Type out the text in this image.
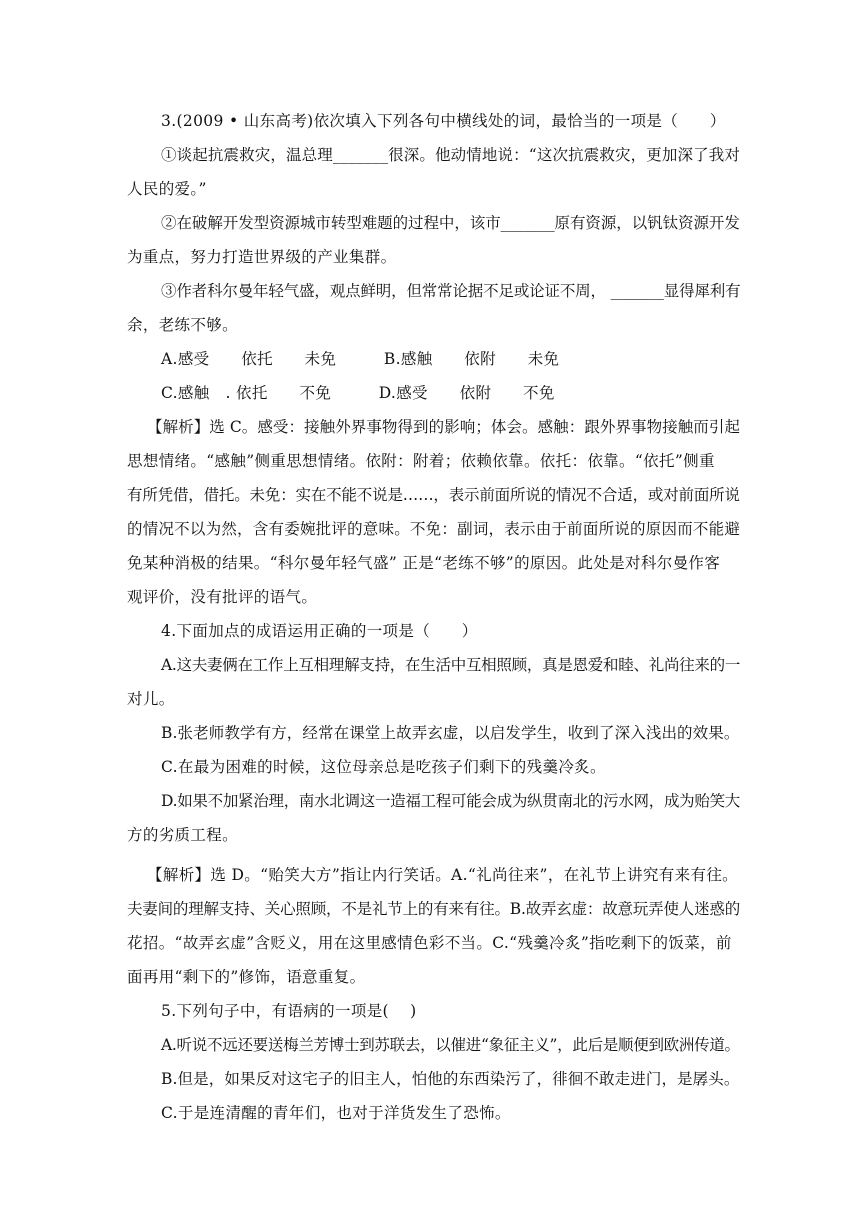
3.(2009 • 山东高考)依次填入下列各句中横线处的词，最恰当的一项是（　　）
①谈起抗震救灾，温总理_______很深。他动情地说：“这次抗震救灾，更加深了我对
人民的爱。”
②在破解开发型资源城市转型难题的过程中，该市_______原有资源，以钒钛资源开发
为重点，努力打造世界级的产业集群。
③作者科尔曼年轻气盛，观点鲜明，但常常论据不足或论证不周， _______显得犀利有
余，老练不够。
A.感受　　依托　　未免　　　B.感触　　依附　　未免
C.感触　. 依托　　不免　　　D.感受　　依附　　不免
【解析】选 C。感受：接触外界事物得到的影响；体会。感触：跟外界事物接触而引起
思想情绪。“感触”侧重思想情绪。依附：附着；依赖依靠。依托：依靠。“依托”侧重
有所凭借，借托。未免：实在不能不说是……，表示前面所说的情况不合适，或对前面所说
的情况不以为然，含有委婉批评的意味。不免：副词，表示由于前面所说的原因而不能避
免某种消极的结果。“科尔曼年轻气盛” 正是“老练不够”的原因。此处是对科尔曼作客
观评价，没有批评的语气。
4.下面加点的成语运用正确的一项是（　　）
A.这夫妻俩在工作上互相理解支持，在生活中互相照顾，真是恩爱和睦、礼尚往来的一
对儿。
B.张老师教学有方，经常在课堂上故弄玄虚，以启发学生，收到了深入浅出的效果。
C.在最为困难的时候，这位母亲总是吃孩子们剩下的残羹冷炙。
D.如果不加紧治理，南水北调这一造福工程可能会成为纵贯南北的污水网，成为贻笑大
方的劣质工程。
【解析】选 D。“贻笑大方”指让内行笑话。A.“礼尚往来”，在礼节上讲究有来有往。
夫妻间的理解支持、关心照顾，不是礼节上的有来有往。B.故弄玄虚：故意玩弄使人迷惑的
花招。“故弄玄虚”含贬义，用在这里感情色彩不当。C.“残羹冷炙”指吃剩下的饭菜，前
面再用“剩下的”修饰，语意重复。
5.下列句子中，有语病的一项是(　 )
A.听说不远还要送梅兰芳博士到苏联去，以催进“象征主义”，此后是顺便到欧洲传道。
B.但是，如果反对这宅子的旧主人，怕他的东西染污了，徘徊不敢走进门，是孱头。
C.于是连清醒的青年们，也对于洋货发生了恐怖。
